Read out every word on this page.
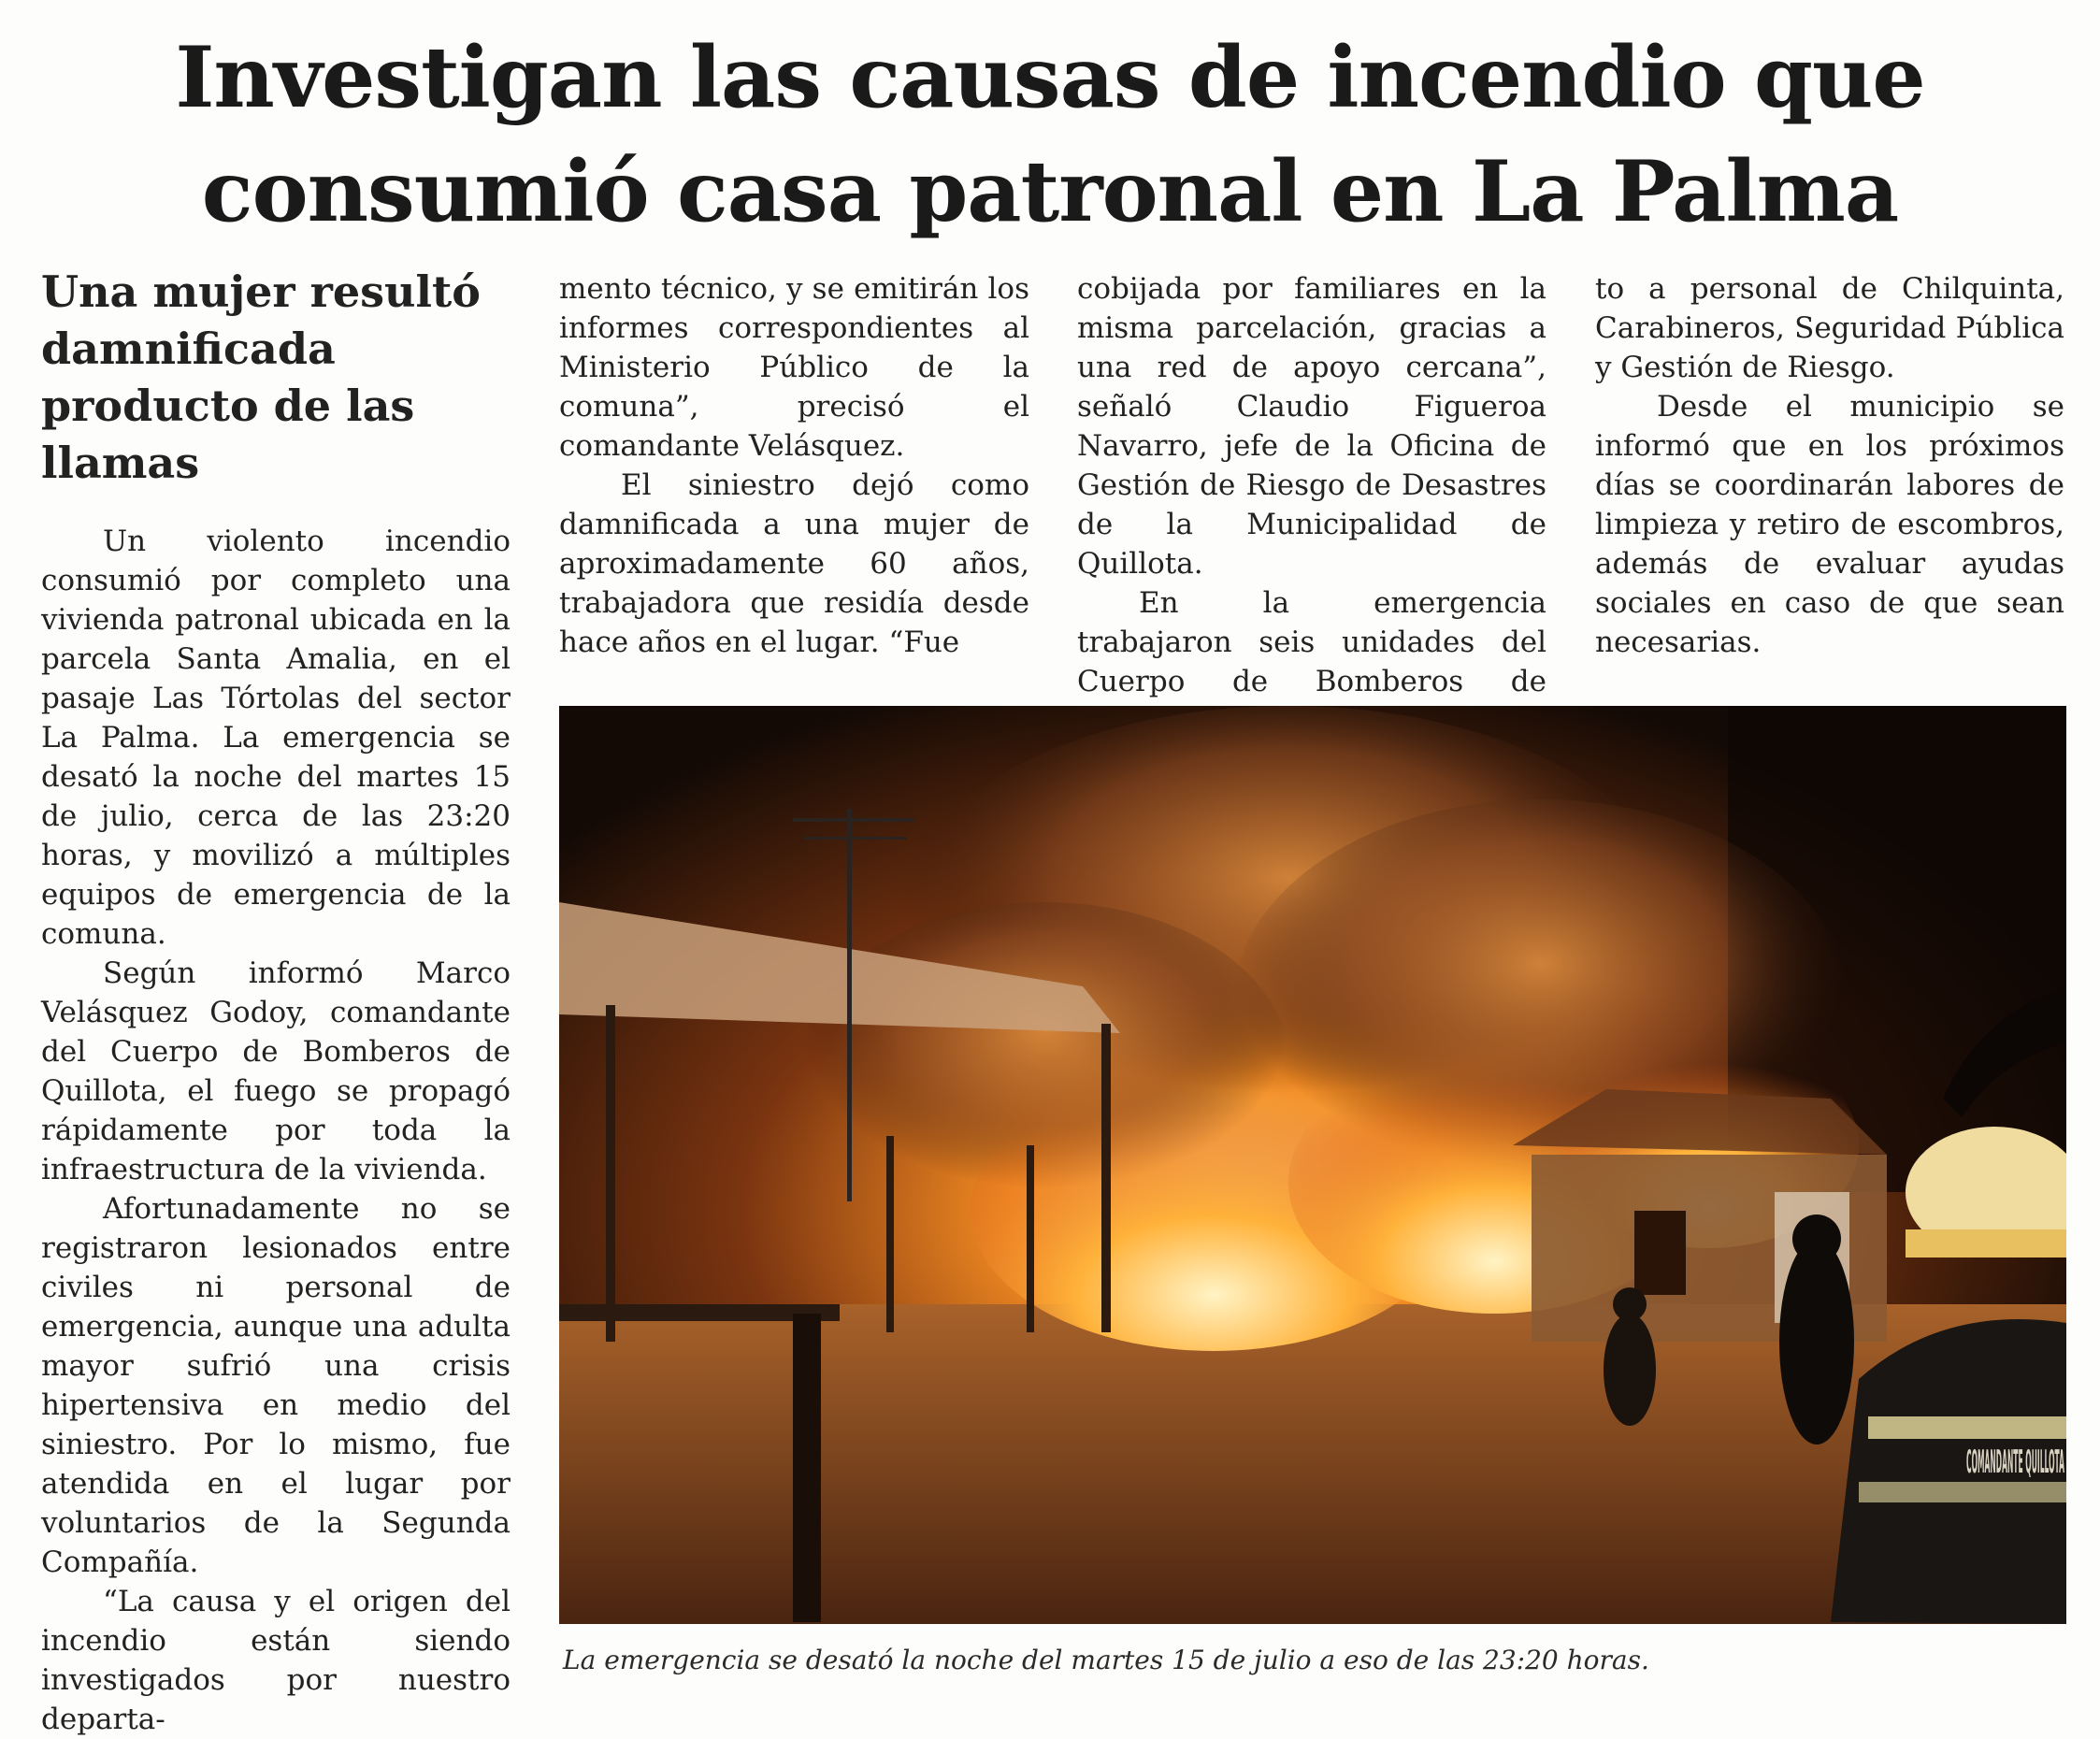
Investigan las causas de incendio que
consumió casa patronal en La Palma
Una mujer resultó damnificada producto de las llamas

Un violento incendio consumió por completo una vivienda patronal ubicada en la parcela Santa Amalia, en el pasaje Las Tórtolas del sector La Palma. La emergencia se desató la noche del martes 15 de julio, cerca de las 23:20 horas, y movilizó a múltiples equipos de emergencia de la comuna.

Según informó Marco Velásquez Godoy, comandante del Cuerpo de Bomberos de Quillota, el fuego se propagó rápidamente por toda la infraestructura de la vivienda.

Afortunadamente no se registraron lesionados entre civiles ni personal de emergencia, aunque una adulta mayor sufrió una crisis hipertensiva en medio del siniestro. Por lo mismo, fue atendida en el lugar por voluntarios de la Segunda Compañía.

“La causa y el origen del incendio están siendo investigados por nuestro departa-

mento técnico, y se emitirán los informes correspondientes al Ministerio Público de la comuna”, precisó el comandante Velásquez.

El siniestro dejó como damnificada a una mujer de aproximadamente 60 años, trabajadora que residía desde hace años en el lugar. “Fue

cobijada por familiares en la misma parcelación, gracias a una red de apoyo cercana”, señaló Claudio Figueroa Navarro, jefe de la Oficina de Gestión de Riesgo de Desastres de la Municipalidad de Quillota.

En la emergencia trabajaron seis unidades del Cuerpo de Bomberos de

to a personal de Chilquinta, Carabineros, Seguridad Pública y Gestión de Riesgo.

Desde el municipio se informó que en los próximos días se coordinarán labores de limpieza y retiro de escombros, además de evaluar ayudas sociales en caso de que sean necesarias.

COMANDANTE QUILLOTA

La emergencia se desató la noche del martes 15 de julio a eso de las 23:20 horas.
